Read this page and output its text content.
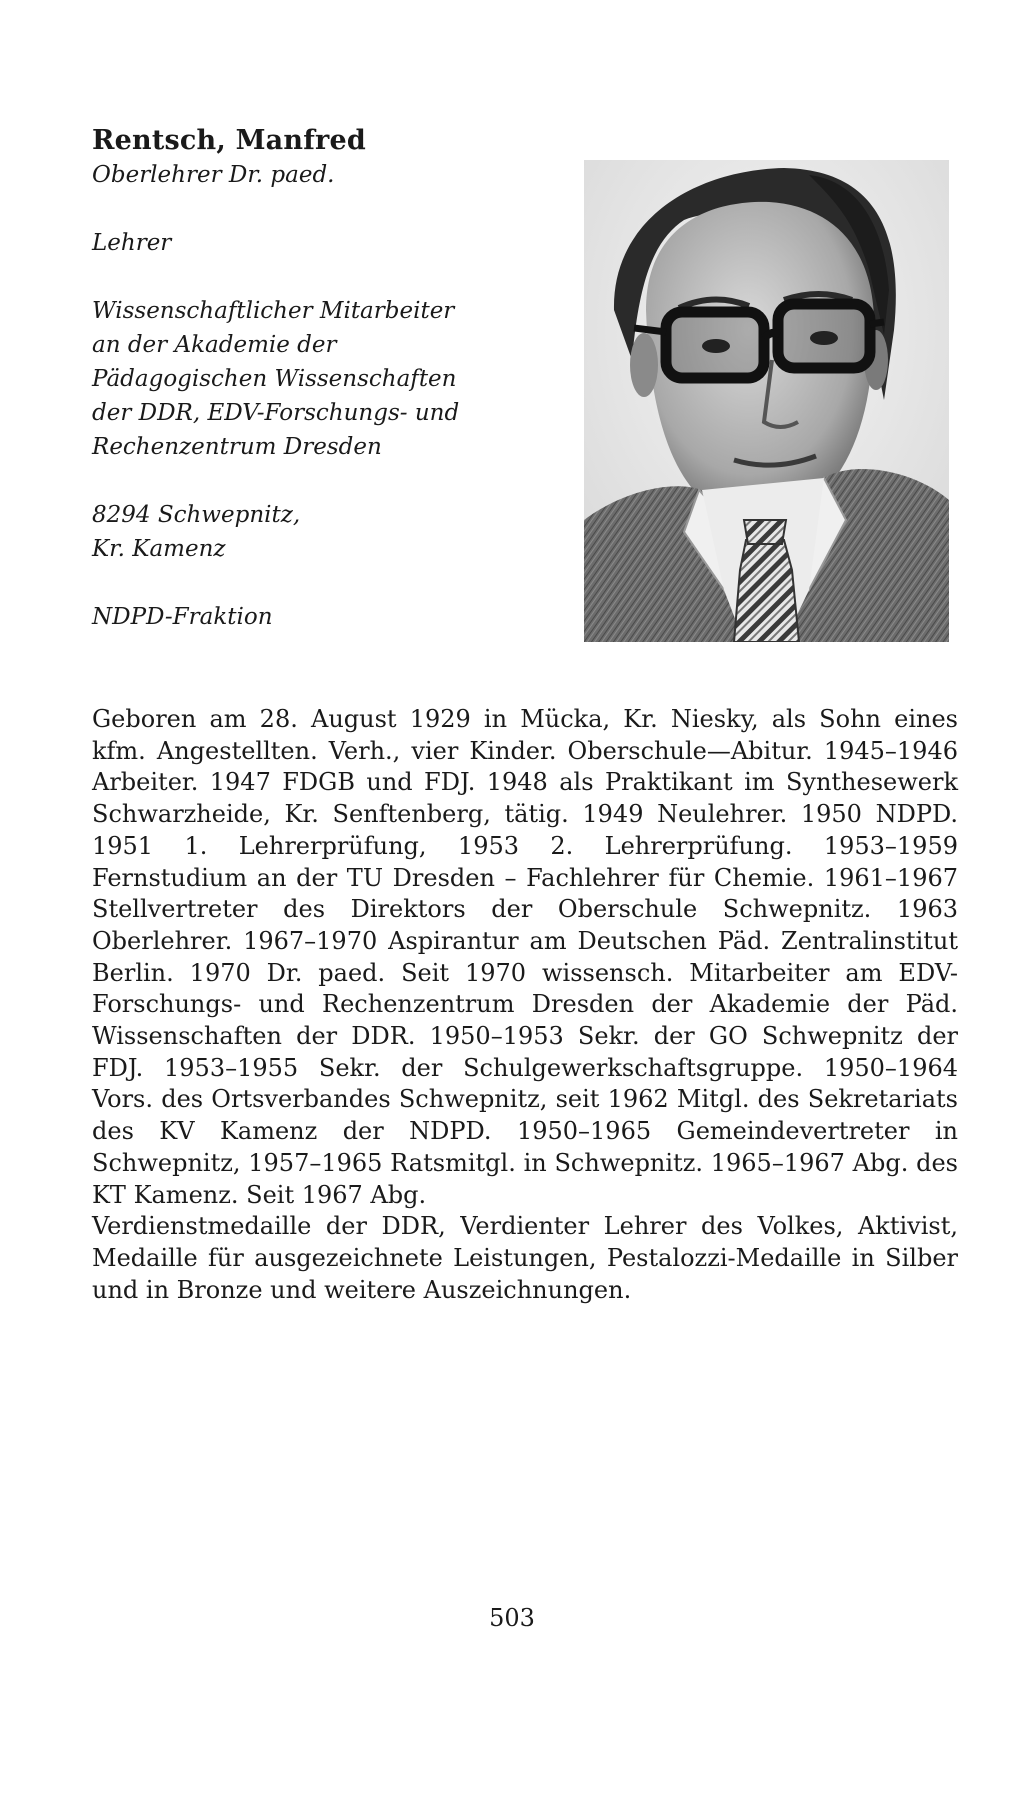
Rentsch, Manfred

Oberlehrer Dr. paed.

Lehrer

Wissenschaftlicher Mitarbeiter

an der Akademie der

Pädagogischen Wissenschaften

der DDR, EDV-Forschungs- und

Rechenzentrum Dresden

8294 Schwepnitz,

Kr. Kamenz

NDPD-Fraktion

Geboren am 28. August 1929 in Mücka, Kr. Niesky, als Sohn eines kfm. Angestellten. Verh., vier Kinder. Oberschule—Abitur. 1945–1946 Arbeiter. 1947 FDGB und FDJ. 1948 als Praktikant im Synthesewerk Schwarzheide, Kr. Senftenberg, tätig. 1949 Neulehrer. 1950 NDPD. 1951 1. Lehrerprüfung, 1953 2. Lehrerprüfung. 1953–1959 Fernstudium an der TU Dresden – Fachlehrer für Chemie. 1961–1967 Stellvertreter des Direktors der Oberschule Schwepnitz. 1963 Oberlehrer. 1967–1970 Aspirantur am Deutschen Päd. Zentralinstitut Berlin. 1970 Dr. paed. Seit 1970 wissensch. Mitarbeiter am EDV-Forschungs- und Rechenzentrum Dresden der Akademie der Päd. Wissenschaften der DDR. 1950–1953 Sekr. der GO Schwepnitz der FDJ. 1953–1955 Sekr. der Schulgewerkschaftsgruppe. 1950–1964 Vors. des Ortsverbandes Schwepnitz, seit 1962 Mitgl. des Sekretariats des KV Kamenz der NDPD. 1950–1965 Gemeindevertreter in Schwepnitz, 1957–1965 Ratsmitgl. in Schwepnitz. 1965–1967 Abg. des KT Kamenz. Seit 1967 Abg.

Verdienstmedaille der DDR, Verdienter Lehrer des Volkes, Aktivist, Medaille für ausgezeichnete Leistungen, Pestalozzi-Medaille in Silber und in Bronze und weitere Auszeichnungen.

503
